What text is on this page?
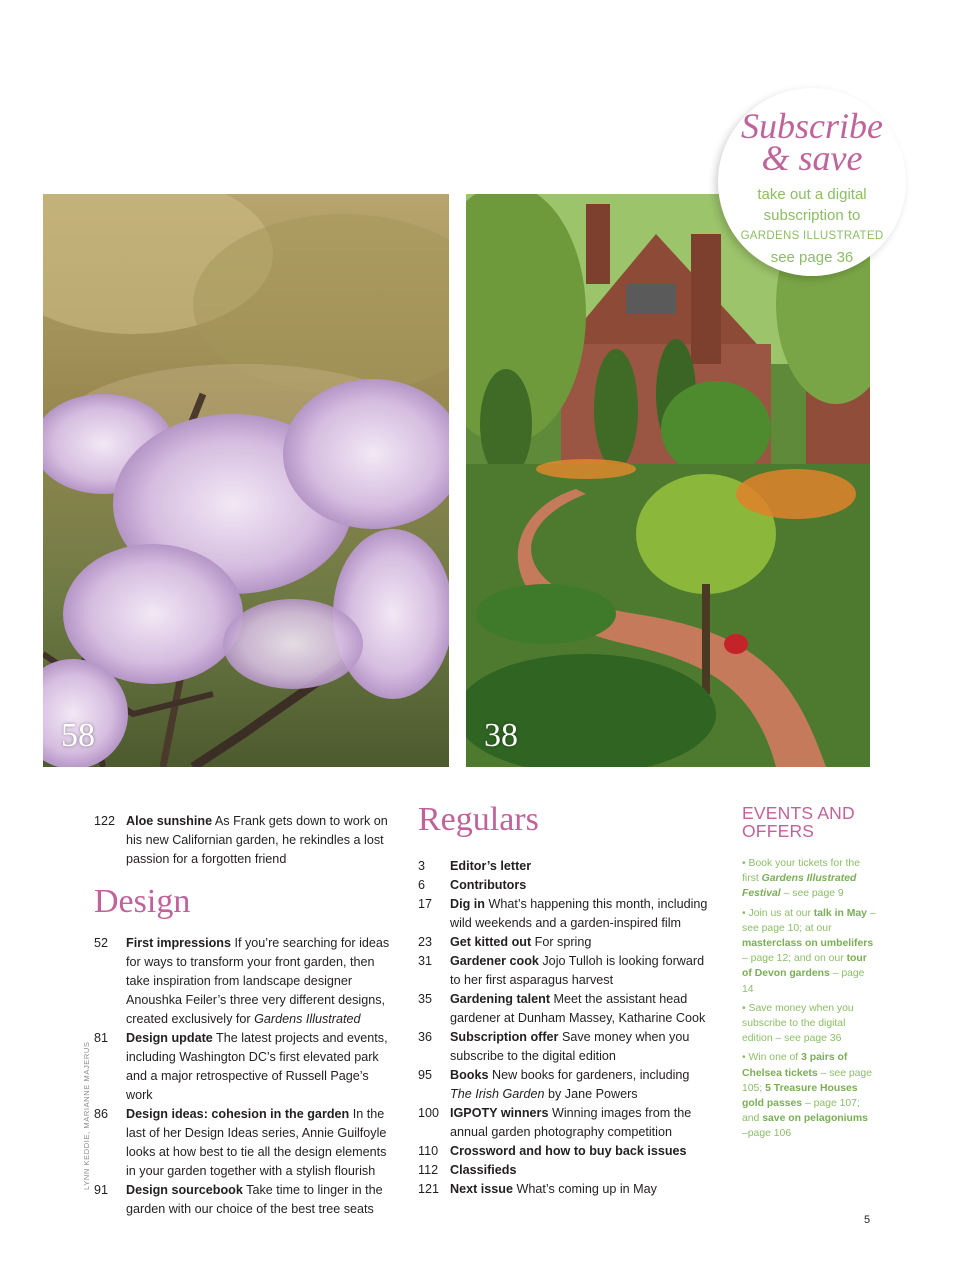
58	38
Subscribe
& save
take out a digital
subscription to
GARDENS ILLUSTRATED
see page 36
122 Aloe sunshine As Frank gets down to work on his new Californian garden, he rekindles a lost passion for a forgotten friend
Design
52	First impressions If you’re searching for ideas for ways to transform your front garden, then take inspiration from landscape designer Anoushka Feiler’s three very different designs, created exclusively for Gardens Illustrated
81	Design update The latest projects and events, including Washington DC’s first elevated park and a major retrospective of Russell Page’s work
86	Design ideas: cohesion in the garden In the last of her Design Ideas series, Annie Guilfoyle looks at how best to tie all the design elements in your garden together with a stylish flourish
91	Design sourcebook Take time to linger in the garden with our choice of the best tree seats
Regulars
3	Editor’s letter
6	Contributors
17	Dig in What’s happening this month, including wild weekends and a garden-inspired film
23	Get kitted out For spring
31	Gardener cook Jojo Tulloh is looking forward to her first asparagus harvest
35	Gardening talent Meet the assistant head gardener at Dunham Massey, Katharine Cook
36	Subscription offer Save money when you subscribe to the digital edition
95	Books New books for gardeners, including The Irish Garden by Jane Powers
100 IGPOTY winners Winning images from the annual garden photography competition
110 Crossword and how to buy back issues
112 Classifieds
121 Next issue What’s coming up in May
EVENTS AND
OFFERS
• Book your tickets for the first Gardens Illustrated Festival – see page 9
• Join us at our talk in May – see page 10; at our masterclass on umbelifers – page 12; and on our tour of Devon gardens – page 14
• Save money when you subscribe to the digital edition – see page 36
• Win one of 3 pairs of Chelsea tickets – see page 105; 5 Treasure Houses gold passes – page 107; and save on pelagoniums –page 106
LYNN KEDDIE, MARIANNE MAJERUS
5
